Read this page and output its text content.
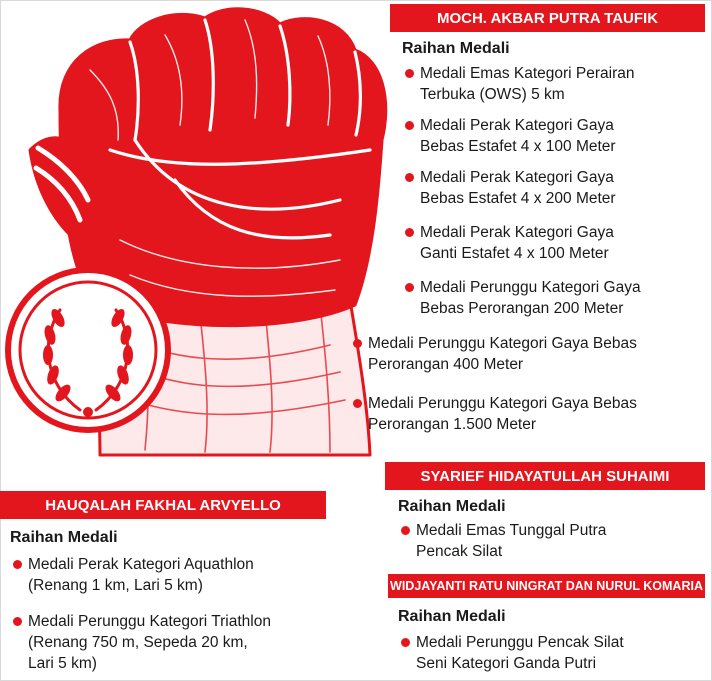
MOCH. AKBAR PUTRA TAUFIK
Raihan Medali
Medali Emas Kategori Perairan
Terbuka (OWS) 5 km
Medali Perak Kategori Gaya
Bebas Estafet 4 x 100 Meter
Medali Perak Kategori Gaya
Bebas Estafet 4 x 200 Meter
Medali Perak Kategori Gaya
Ganti Estafet 4 x 100 Meter
Medali Perunggu Kategori Gaya
Bebas Perorangan 200 Meter
Medali Perunggu Kategori Gaya Bebas
Perorangan 400 Meter
Medali Perunggu Kategori Gaya Bebas
Perorangan 1.500 Meter
SYARIEF HIDAYATULLAH SUHAIMI
Raihan Medali
Medali Emas Tunggal Putra
Pencak Silat
HAUQALAH FAKHAL ARVYELLO
Raihan Medali
Medali Perak Kategori Aquathlon
(Renang 1 km, Lari 5 km)
Medali Perunggu Kategori Triathlon
(Renang 750 m, Sepeda 20 km,
Lari 5 km)
WIDJAYANTI RATU NINGRAT DAN NURUL KOMARIA
Raihan Medali
Medali Perunggu Pencak Silat
Seni Kategori Ganda Putri
